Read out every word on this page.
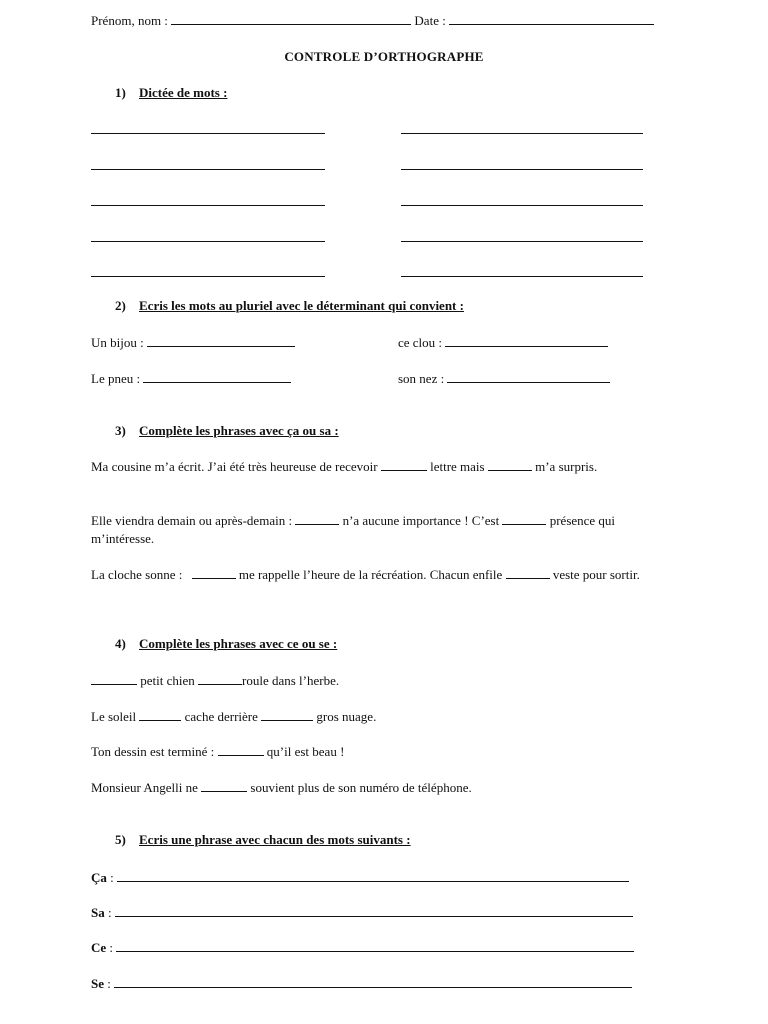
Prénom, nom :	Date :
CONTROLE D’ORTHOGRAPHE
1) Dictée de mots :
2) Ecris les mots au pluriel avec le déterminant qui convient :
Un bijou :	ce clou :
Le pneu :	son nez :
3) Complète les phrases avec ça ou sa :
Ma cousine m’a écrit. J’ai été très heureuse de recevoir	lettre mais	m’a surpris.
Elle viendra demain ou après-demain :	n’a aucune importance ! C’est	présence qui m’intéresse.
La cloche sonne :	me rappelle l’heure de la récréation. Chacun enfile	veste pour sortir.
4) Complète les phrases avec ce ou se :
petit chien	roule dans l’herbe.
Le soleil	cache derrière	gros nuage.
Ton dessin est terminé :	qu’il est beau !
Monsieur Angelli ne	souvient plus de son numéro de téléphone.
5) Ecris une phrase avec chacun des mots suivants :
Ça :
Sa :
Ce :
Se :
